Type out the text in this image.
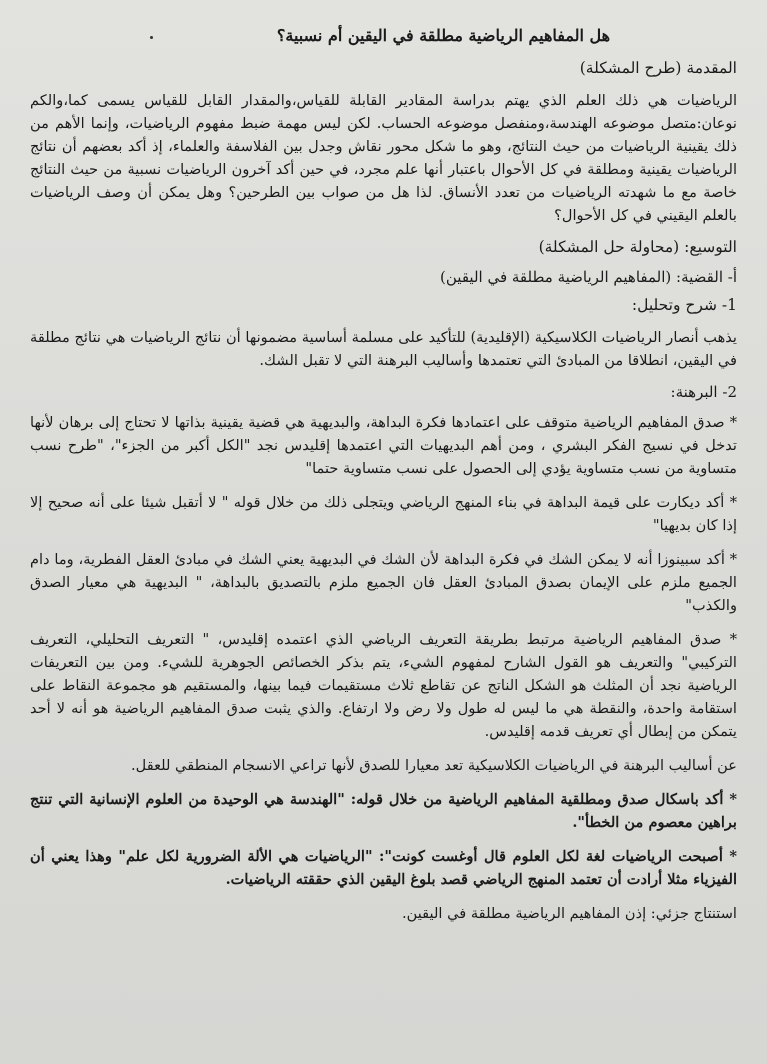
هل المفاهيم الرياضية مطلقة في اليقين أم نسبية؟
المقدمة (طرح المشكلة)

الرياضيات هي ذلك العلم الذي يهتم بدراسة المقادير القابلة للقياس،والمقدار القابل للقياس يسمى كما،والكم نوعان:متصل موضوعه الهندسة،ومنفصل موضوعه الحساب. لكن ليس مهمة ضبط مفهوم الرياضيات، وإنما الأهم من ذلك يقينية الرياضيات من حيث النتائج، وهو ما شكل محور نقاش وجدل بين الفلاسفة والعلماء، إذ أكد بعضهم أن نتائج الرياضيات يقينية ومطلقة في كل الأحوال باعتبار أنها علم مجرد، في حين أكد آخرون الرياضيات نسبية من حيث النتائج خاصة مع ما شهدته الرياضيات من تعدد الأنساق. لذا هل من صواب بين الطرحين؟ وهل يمكن أن وصف الرياضيات بالعلم اليقيني في كل الأحوال؟

التوسيع: (محاولة حل المشكلة)
أ- القضية: (المفاهيم الرياضية مطلقة في اليقين)
1- شرح وتحليل:

يذهب أنصار الرياضيات الكلاسيكية (الإقليدية) للتأكيد على مسلمة أساسية مضمونها أن نتائج الرياضيات هي نتائج مطلقة في اليقين، انطلاقا من المبادئ التي تعتمدها وأساليب البرهنة التي لا تقبل الشك.

2- البرهنة:

* صدق المفاهيم الرياضية متوقف على اعتمادها فكرة البداهة، والبديهية هي قضية يقينية بذاتها لا تحتاج إلى برهان لأنها تدخل في نسيج الفكر البشري ، ومن أهم البديهيات التي اعتمدها إقليدس نجد "الكل أكبر من الجزء"، "طرح نسب متساوية من نسب متساوية يؤدي إلى الحصول على نسب متساوية حتما"

* أكد ديكارت على قيمة البداهة في بناء المنهج الرياضي ويتجلى ذلك من خلال قوله " لا أتقبل شيئا على أنه صحيح إلا إذا كان بديهيا"

* أكد سبينوزا أنه لا يمكن الشك في فكرة البداهة لأن الشك في البديهية يعني الشك في مبادئ العقل الفطرية، وما دام الجميع ملزم على الإيمان بصدق المبادئ العقل فان الجميع ملزم بالتصديق بالبداهة، " البديهية هي معيار الصدق والكذب"

* صدق المفاهيم الرياضية مرتبط بطريقة التعريف الرياضي الذي اعتمده إقليدس، " التعريف التحليلي، التعريف التركيبي" والتعريف هو القول الشارح لمفهوم الشيء، يتم بذكر الخصائص الجوهرية للشيء. ومن بين التعريفات الرياضية نجد أن المثلث هو الشكل الناتج عن تقاطع ثلاث مستقيمات فيما بينها، والمستقيم هو مجموعة النقاط على استقامة واحدة، والنقطة هي ما ليس له طول ولا رض ولا ارتفاع. والذي يثبت صدق المفاهيم الرياضية هو أنه لا أحد يتمكن من إبطال أي تعريف قدمه إقليدس.

عن أساليب البرهنة في الرياضيات الكلاسيكية تعد معيارا للصدق لأنها تراعي الانسجام المنطقي للعقل.

* أكد باسكال صدق ومطلقية المفاهيم الرياضية من خلال قوله: "الهندسة هي الوحيدة من العلوم الإنسانية التي تنتج براهين معصوم من الخطأ".

* أصبحت الرياضيات لغة لكل العلوم قال أوغست كونت": "الرياضيات هي الألة الضرورية لكل علم" وهذا يعني أن الفيزياء مثلا أرادت أن تعتمد المنهج الرياضي قصد بلوغ اليقين الذي حققته الرياضيات.

استنتاج جزئي: إذن المفاهيم الرياضية مطلقة في اليقين.
